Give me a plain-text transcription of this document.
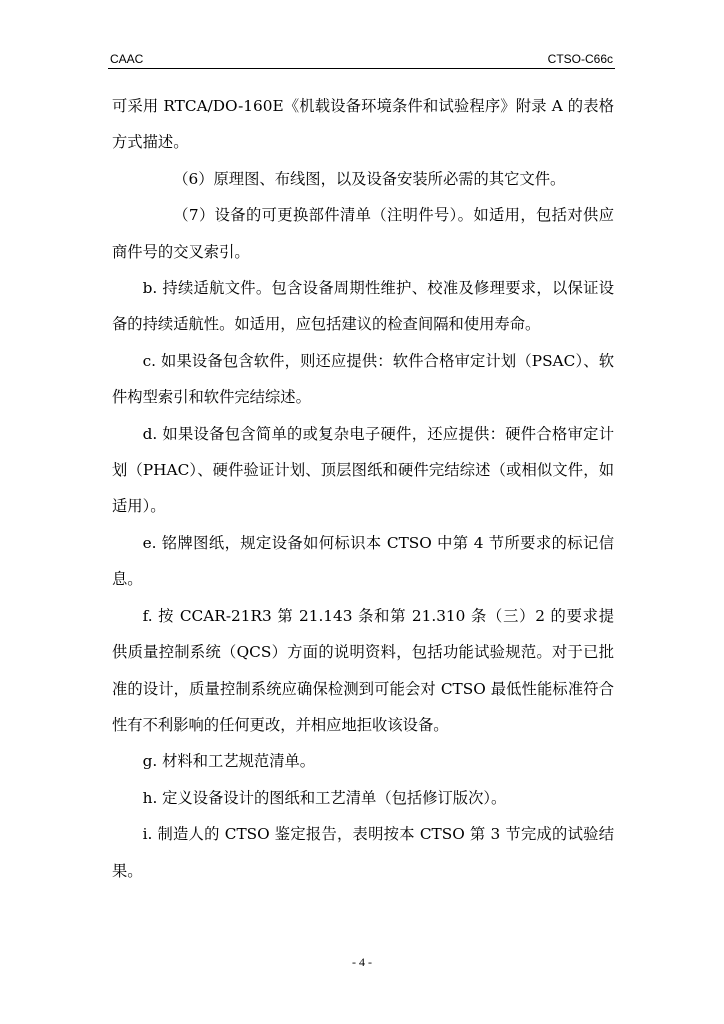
CAAC	CTSO-C66c

可采用 RTCA/DO-160E《机载设备环境条件和试验程序》附录 A 的表格方式描述。

（6）原理图、布线图，以及设备安装所必需的其它文件。

（7）设备的可更换部件清单（注明件号）。如适用，包括对供应商件号的交叉索引。

b. 持续适航文件。包含设备周期性维护、校准及修理要求，以保证设备的持续适航性。如适用，应包括建议的检查间隔和使用寿命。

c. 如果设备包含软件，则还应提供：软件合格审定计划（PSAC）、软件构型索引和软件完结综述。

d. 如果设备包含简单的或复杂电子硬件，还应提供：硬件合格审定计划（PHAC）、硬件验证计划、顶层图纸和硬件完结综述（或相似文件，如适用）。

e. 铭牌图纸，规定设备如何标识本 CTSO 中第 4 节所要求的标记信息。

f. 按 CCAR-21R3 第 21.143 条和第 21.310 条（三）2 的要求提供质量控制系统（QCS）方面的说明资料，包括功能试验规范。对于已批准的设计，质量控制系统应确保检测到可能会对 CTSO 最低性能标准符合性有不利影响的任何更改，并相应地拒收该设备。

g. 材料和工艺规范清单。

h. 定义设备设计的图纸和工艺清单（包括修订版次）。

i. 制造人的 CTSO 鉴定报告，表明按本 CTSO 第 3 节完成的试验结果。

- 4 -
